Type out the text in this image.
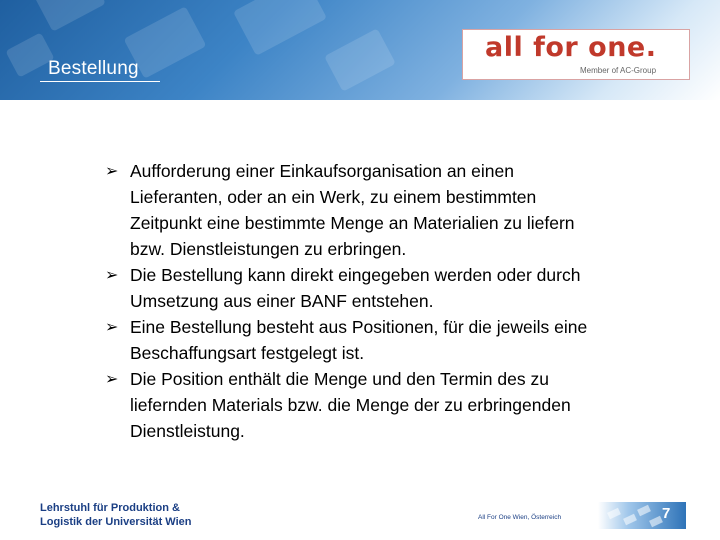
Bestellung
all for one.
Member of AC-Group
➢ Aufforderung einer Einkaufsorganisation an einen
Lieferanten, oder an ein Werk, zu einem bestimmten
Zeitpunkt eine bestimmte Menge an Materialien zu liefern
bzw. Dienstleistungen zu erbringen.
➢ Die Bestellung kann direkt eingegeben werden oder durch
Umsetzung aus einer BANF entstehen.
➢ Eine Bestellung besteht aus Positionen, für die jeweils eine
Beschaffungsart festgelegt ist.
➢ Die Position enthält die Menge und den Termin des zu
liefernden Materials bzw. die Menge der zu erbringenden
Dienstleistung.
Lehrstuhl für Produktion &
Logistik der Universität Wien	All For One Wien, Österreich	7
